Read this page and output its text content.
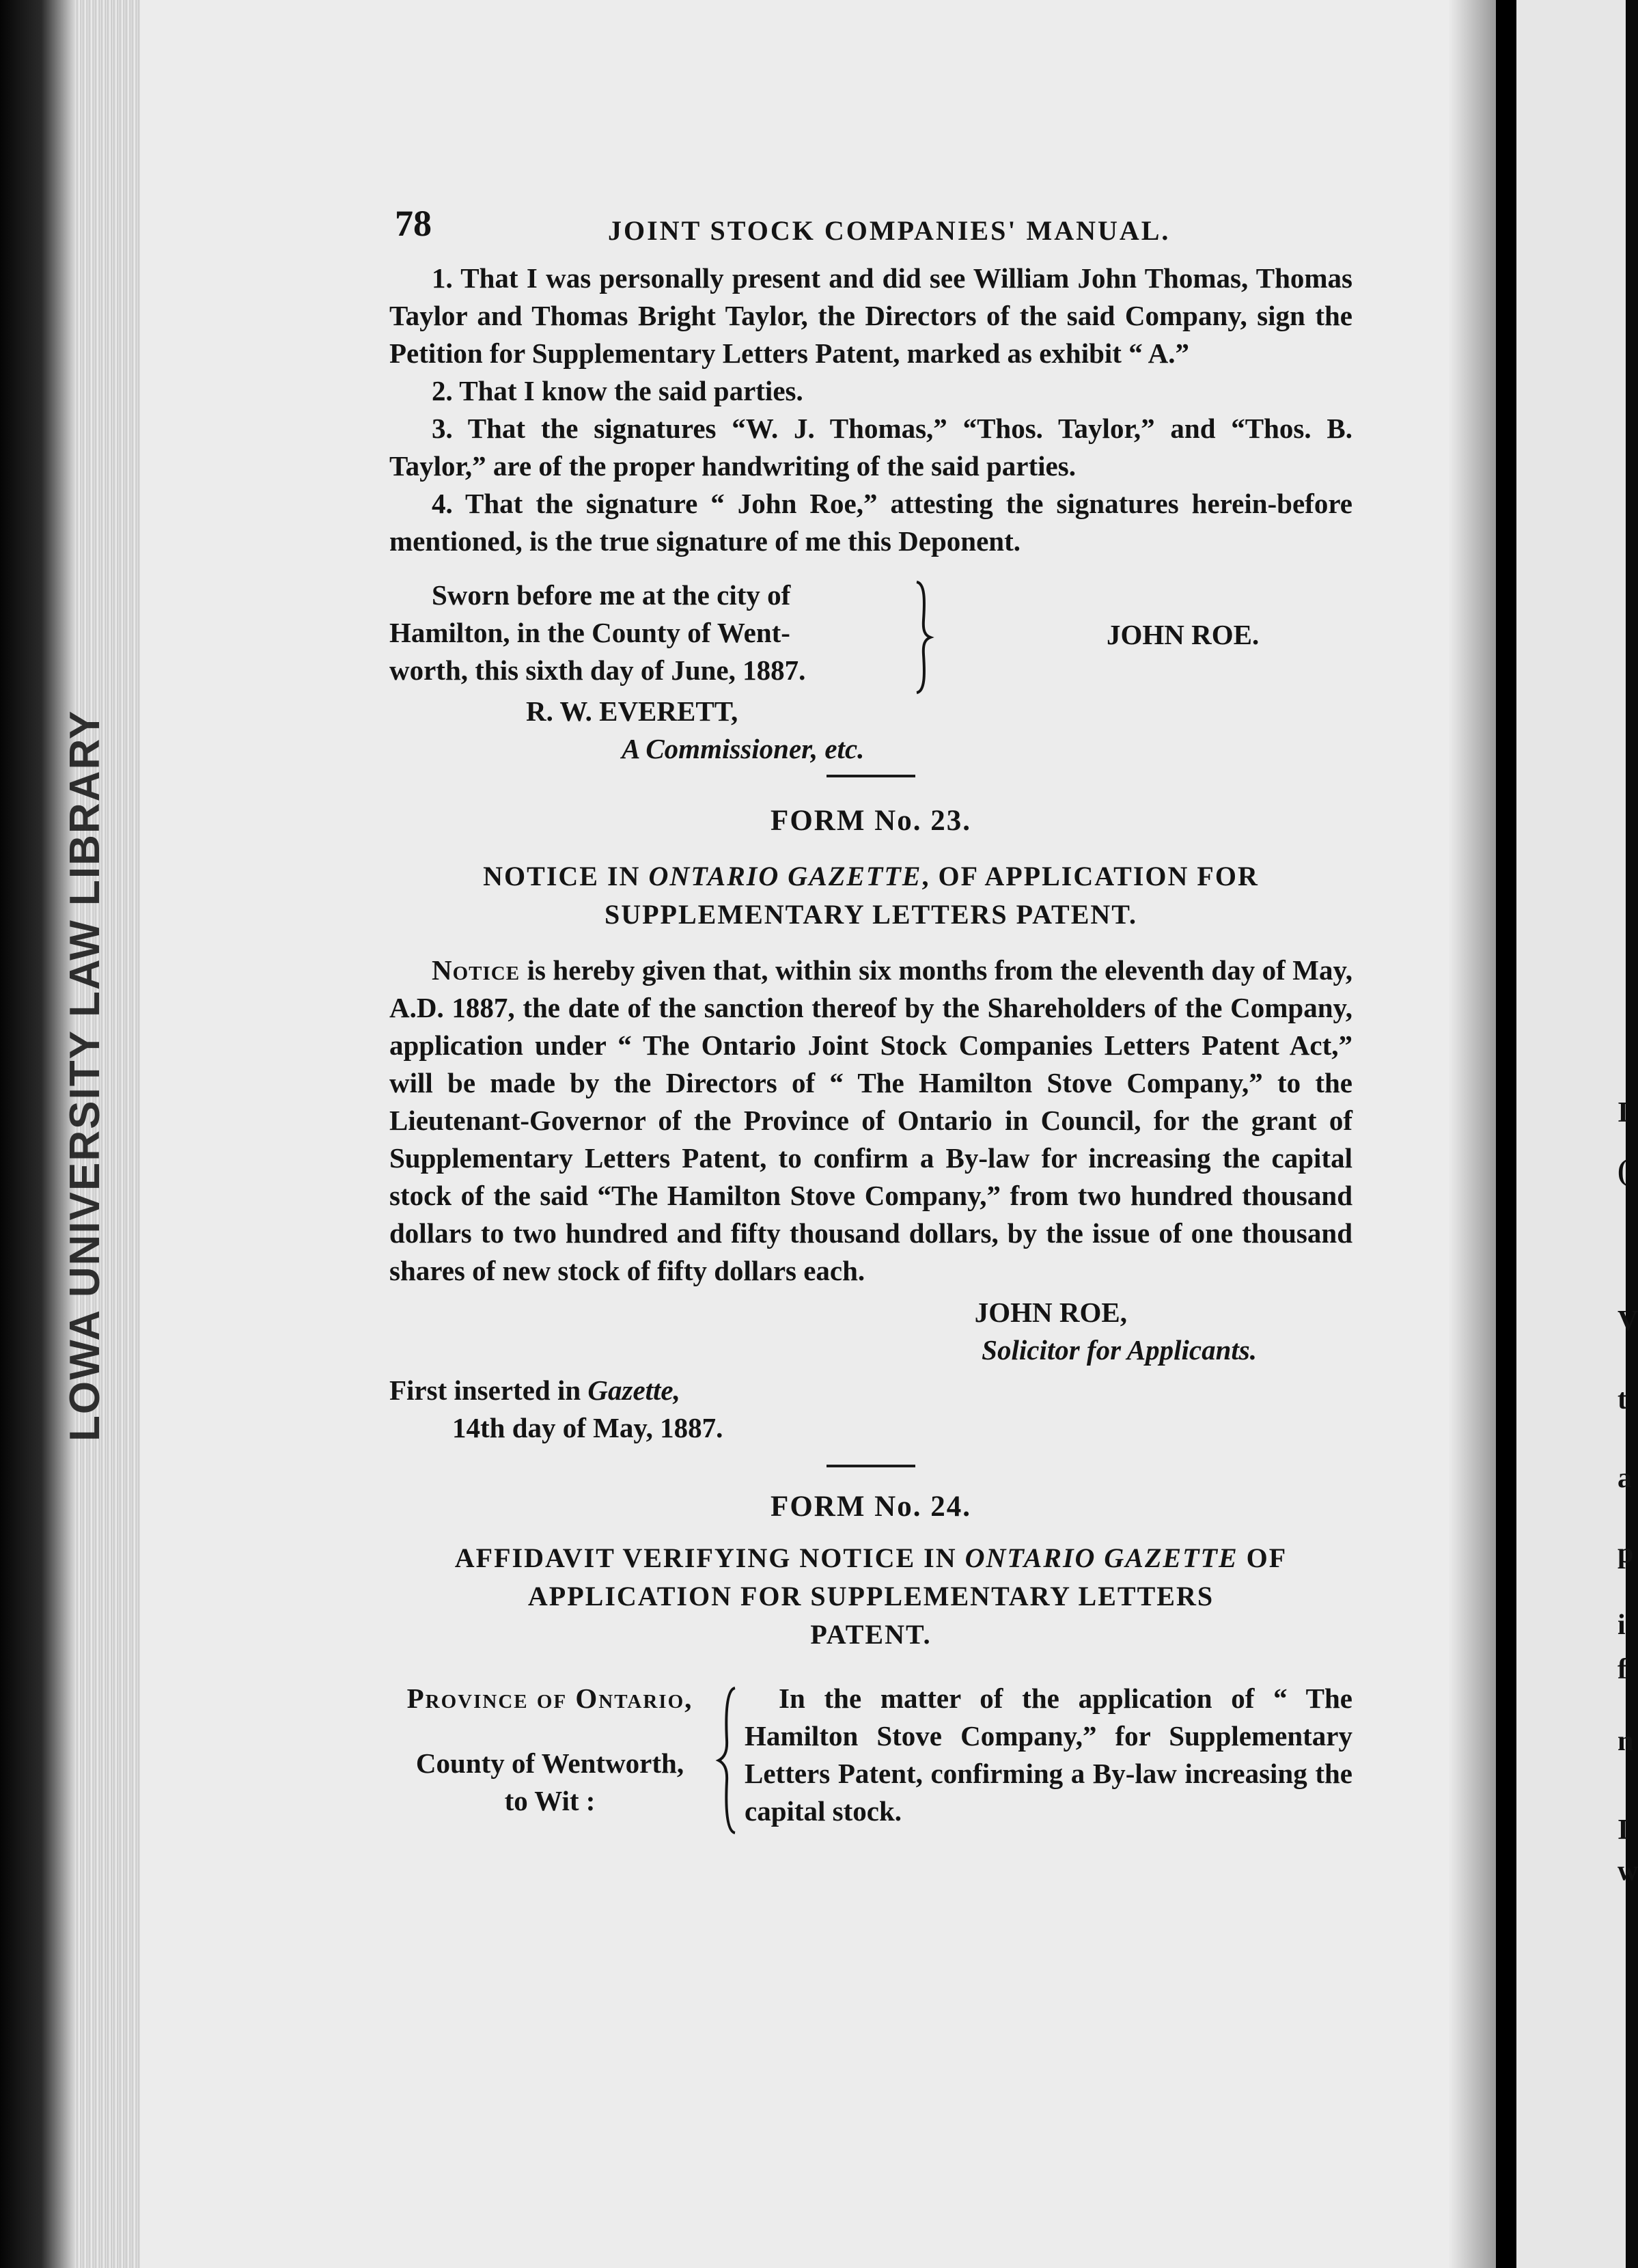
LOWA UNIVERSITY LAW LIBRARY	I
(
V
t
a
p
i
f
n
I
w
78	JOINT STOCK COMPANIES' MANUAL.

1. That I was personally present and did see William John Thomas, Thomas Taylor and Thomas Bright Taylor, the Directors of the said Company, sign the Petition for Supplementary Letters Patent, marked as exhibit “ A.”

2. That I know the said parties.

3. That the signatures “W. J. Thomas,” “Thos. Taylor,” and “Thos. B. Taylor,” are of the proper handwriting of the said parties.

4. That the signature “ John Roe,” attesting the signatures herein-before mentioned, is the true signature of me this Deponent.

Sworn before me at the city of
Hamilton, in the County of Went-
worth, this sixth day of June, 1887.
JOHN ROE.
R. W. EVERETT,
A Commissioner, etc.
FORM No. 23.
NOTICE IN ONTARIO GAZETTE, OF APPLICATION FOR
SUPPLEMENTARY LETTERS PATENT.

Notice is hereby given that, within six months from the eleventh day of May, A.D. 1887, the date of the sanction thereof by the Shareholders of the Company, application under “ The Ontario Joint Stock Companies Letters Patent Act,” will be made by the Directors of “ The Hamilton Stove Company,” to the Lieutenant-Governor of the Province of Ontario in Council, for the grant of Supplementary Letters Patent, to confirm a By-law for increasing the capital stock of the said “The Hamilton Stove Company,” from two hundred thousand dollars to two hundred and fifty thousand dollars, by the issue of one thousand shares of new stock of fifty dollars each.

JOHN ROE,
Solicitor for Applicants.
First inserted in Gazette,
14th day of May, 1887.
FORM No. 24.
AFFIDAVIT VERIFYING NOTICE IN ONTARIO GAZETTE OF
APPLICATION FOR SUPPLEMENTARY LETTERS
PATENT.
Province of Ontario,
County of Wentworth,
to Wit :
In the matter of the application of “ The Hamilton Stove Company,” for Supplementary Letters Patent, confirming a By-law increasing the capital stock.
